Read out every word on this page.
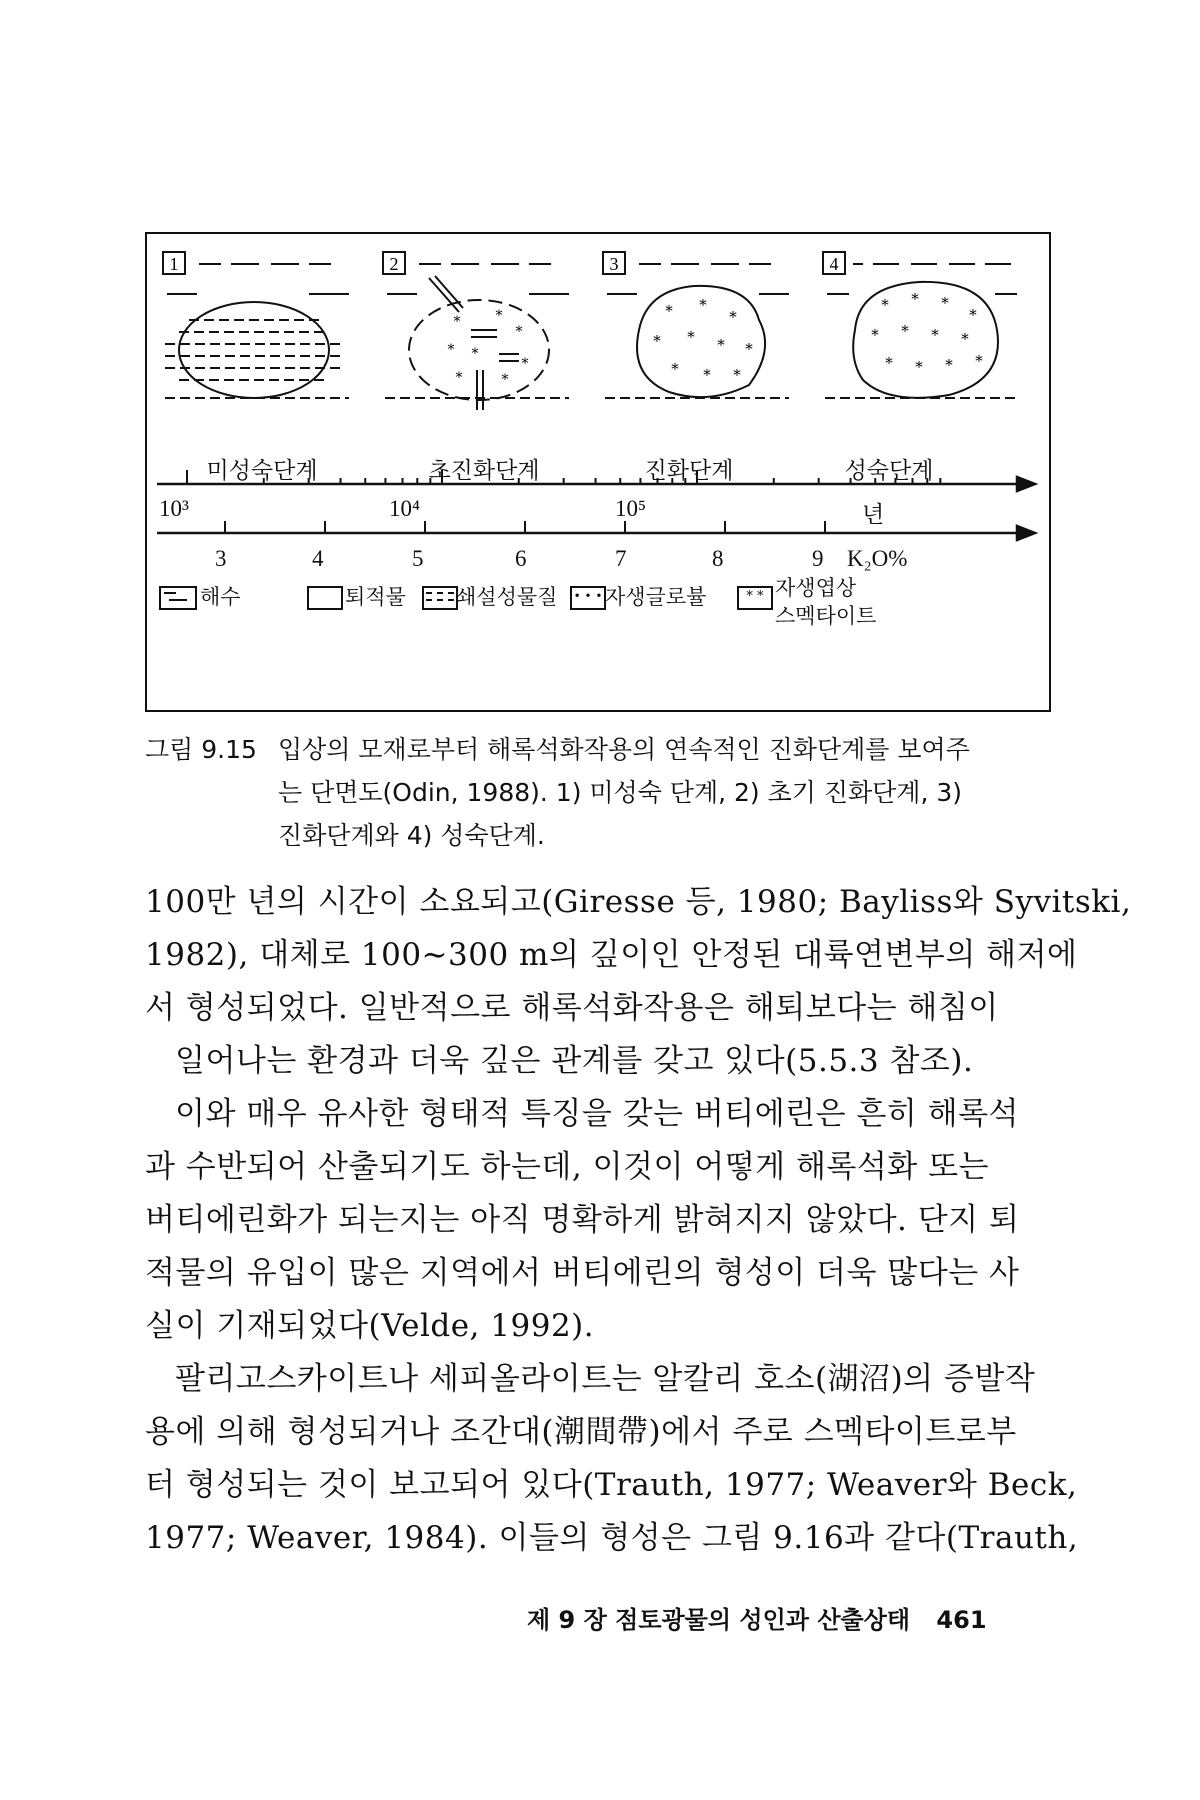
1	2
*	*
*
* *
*	*
*
3
* *
*
* * * *
* * *
4
* * *
*
* * * *
* * * *
미성숙단계	초진화단계	진화단계	성숙단계
10³	10⁴	10⁵	년
3	4	5	6	7	8	9 K₂O%
해수	퇴적물 쇄설성물질 • • • 자생글로뷸	* * 자생엽상
스멕타이트
그림 9.15 입상의 모재로부터 해록석화작용의 연속적인 진화단계를 보여주
는 단면도(Odin, 1988). 1) 미성숙 단계, 2) 초기 진화단계, 3)
진화단계와 4) 성숙단계.
100만 년의 시간이 소요되고(Giresse 등, 1980; Bayliss와 Syvitski,
1982), 대체로 100∼300 m의 깊이인 안정된 대륙연변부의 해저에
서 형성되었다. 일반적으로 해록석화작용은 해퇴보다는 해침이
일어나는 환경과 더욱 깊은 관계를 갖고 있다(5.5.3 참조).
이와 매우 유사한 형태적 특징을 갖는 버티에린은 흔히 해록석
과 수반되어 산출되기도 하는데, 이것이 어떻게 해록석화 또는
버티에린화가 되는지는 아직 명확하게 밝혀지지 않았다. 단지 퇴
적물의 유입이 많은 지역에서 버티에린의 형성이 더욱 많다는 사
실이 기재되었다(Velde, 1992).
팔리고스카이트나 세피올라이트는 알칼리 호소(湖沼)의 증발작
용에 의해 형성되거나 조간대(潮間帶)에서 주로 스멕타이트로부
터 형성되는 것이 보고되어 있다(Trauth, 1977; Weaver와 Beck,
1977; Weaver, 1984). 이들의 형성은 그림 9.16과 같다(Trauth,
제 9 장 점토광물의 성인과 산출상태 461
